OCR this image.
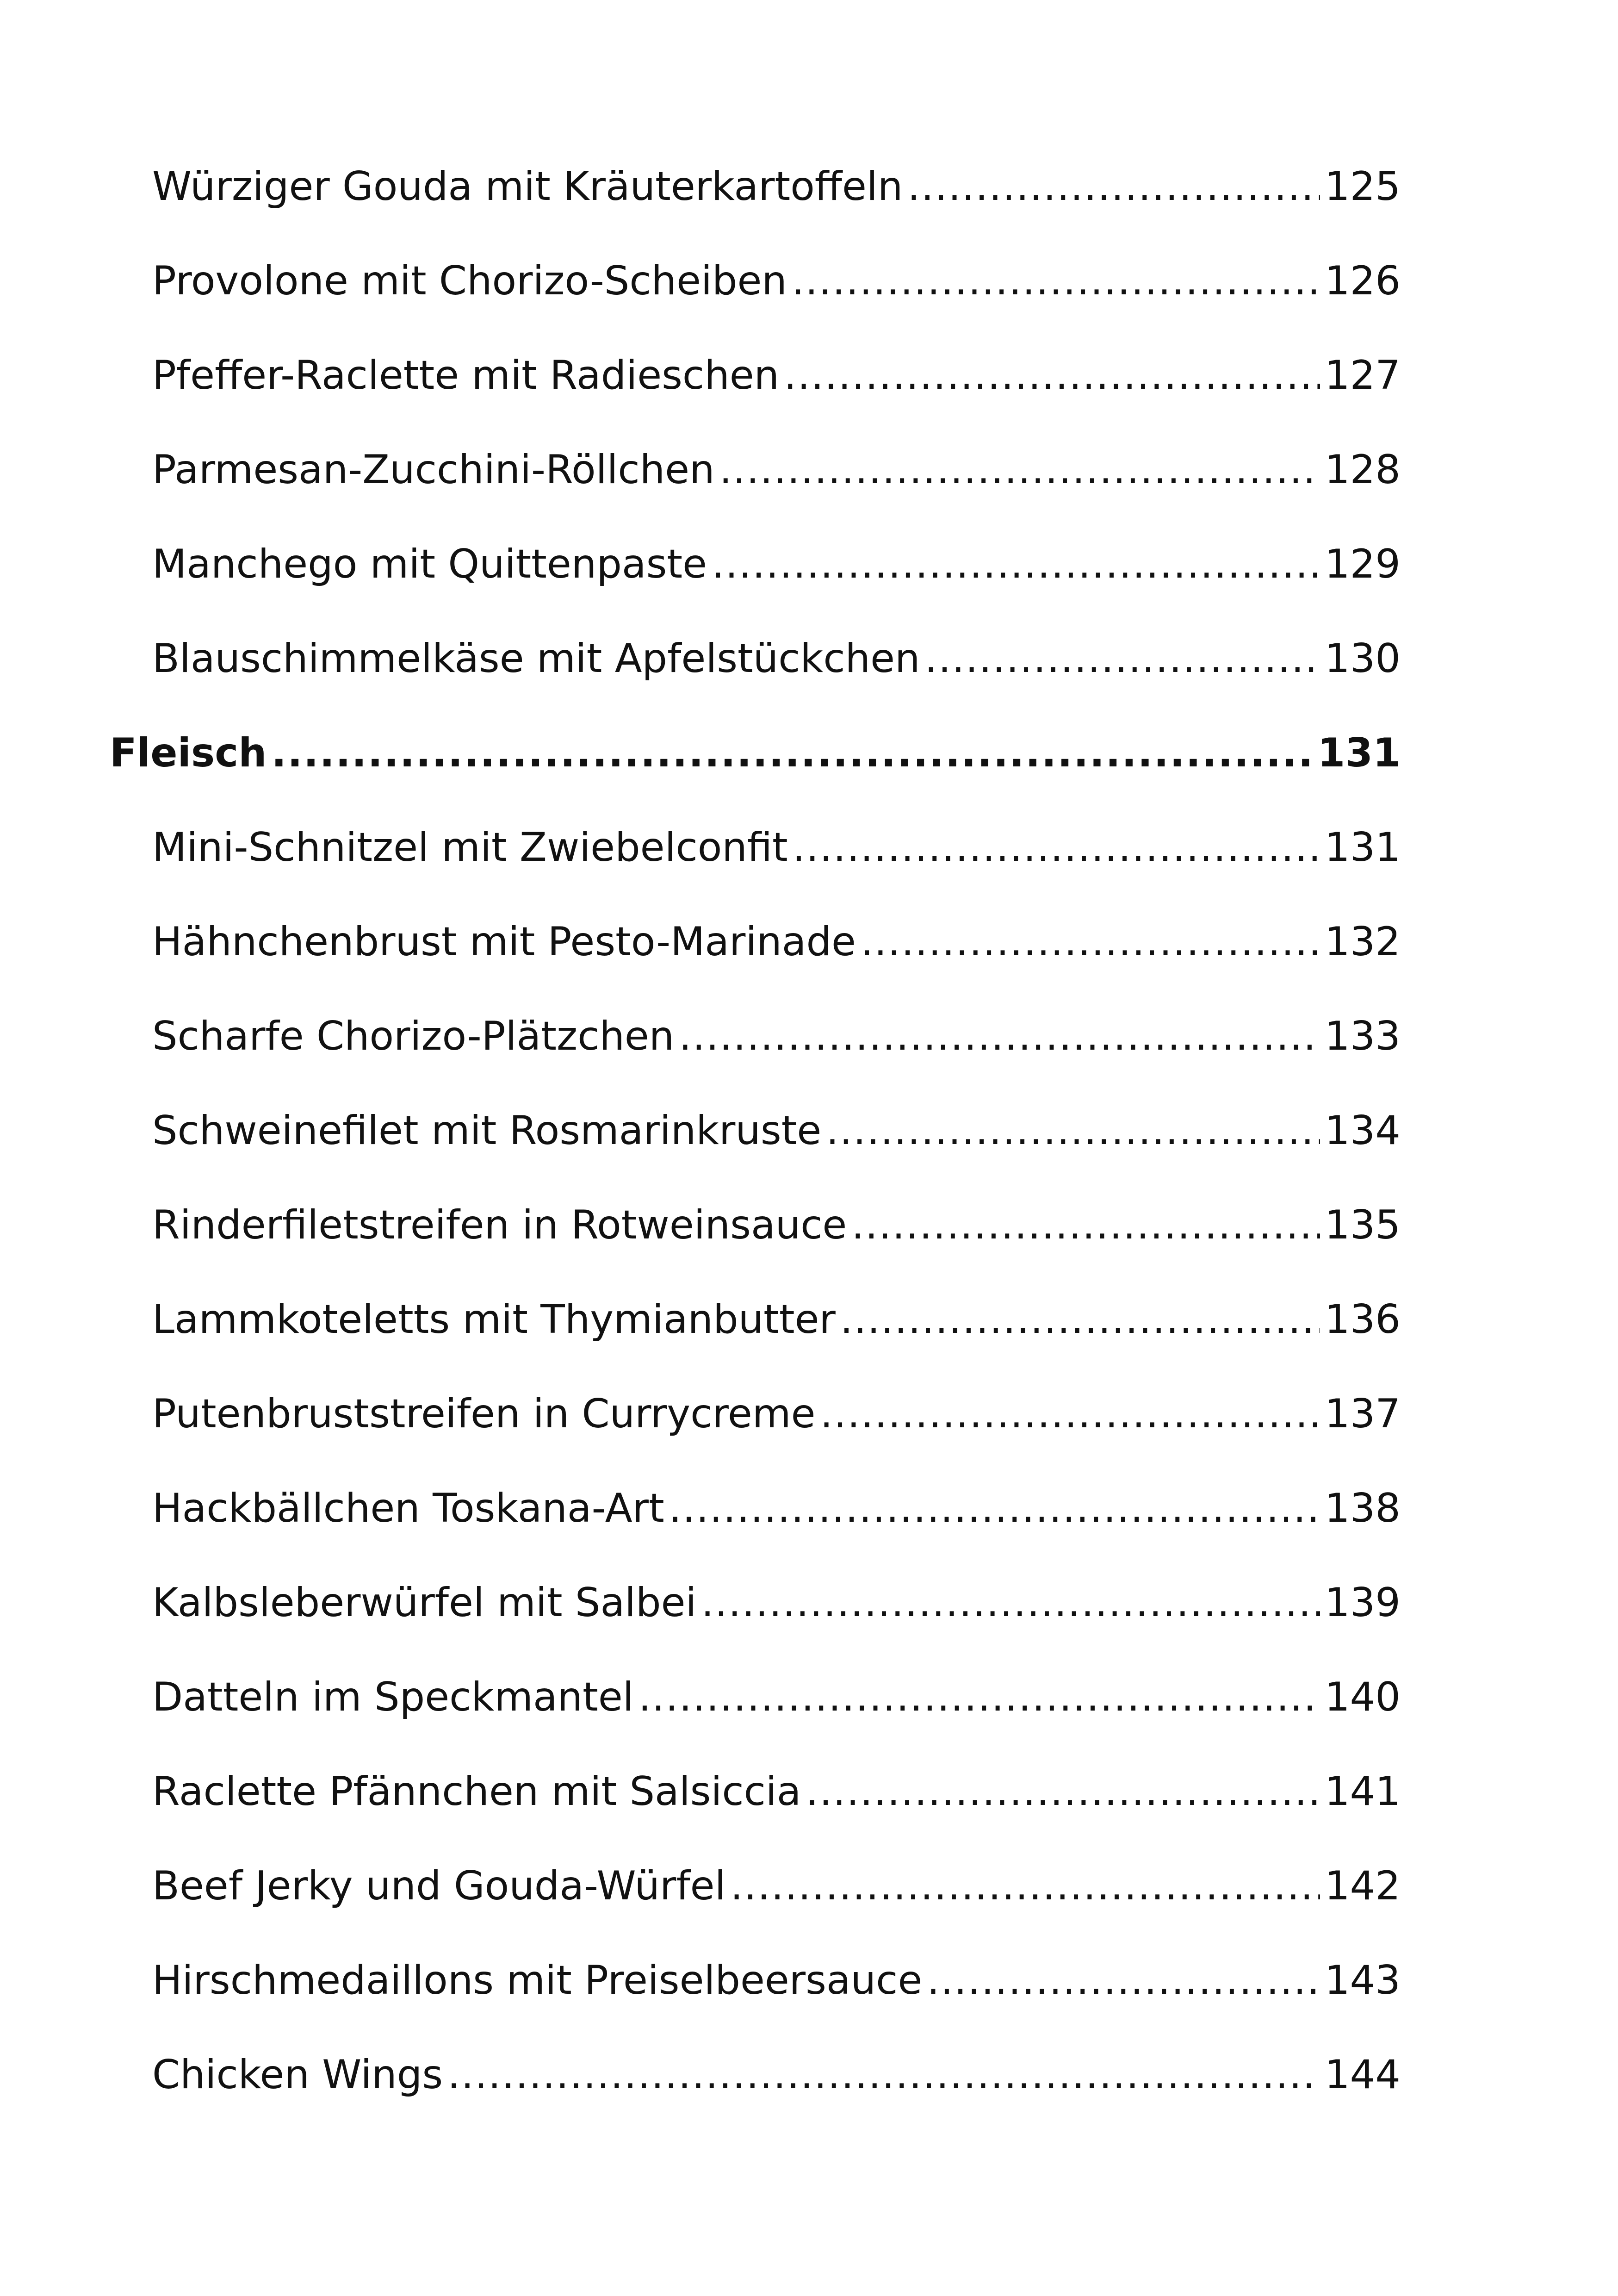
Würziger Gouda mit Kräuterkartoffeln .....	125
Provolone mit Chorizo-Scheiben .....	126
Pfeffer-Raclette mit Radieschen .....	127
Parmesan-Zucchini-Röllchen .....	128
Manchego mit Quittenpaste .....	129
Blauschimmelkäse mit Apfelstückchen .....	130
Fleisch .....	131
Mini-Schnitzel mit Zwiebelconfit .....	131
Hähnchenbrust mit Pesto-Marinade .....	132
Scharfe Chorizo-Plätzchen .....	133
Schweinefilet mit Rosmarinkruste .....	134
Rinderfiletstreifen in Rotweinsauce .....	135
Lammkoteletts mit Thymianbutter .....	136
Putenbruststreifen in Currycreme .....	137
Hackbällchen Toskana-Art .....	138
Kalbsleberwürfel mit Salbei .....	139
Datteln im Speckmantel .....	140
Raclette Pfännchen mit Salsiccia .....	141
Beef Jerky und Gouda-Würfel .....	142
Hirschmedaillons mit Preiselbeersauce .....	143
Chicken Wings .....	144
